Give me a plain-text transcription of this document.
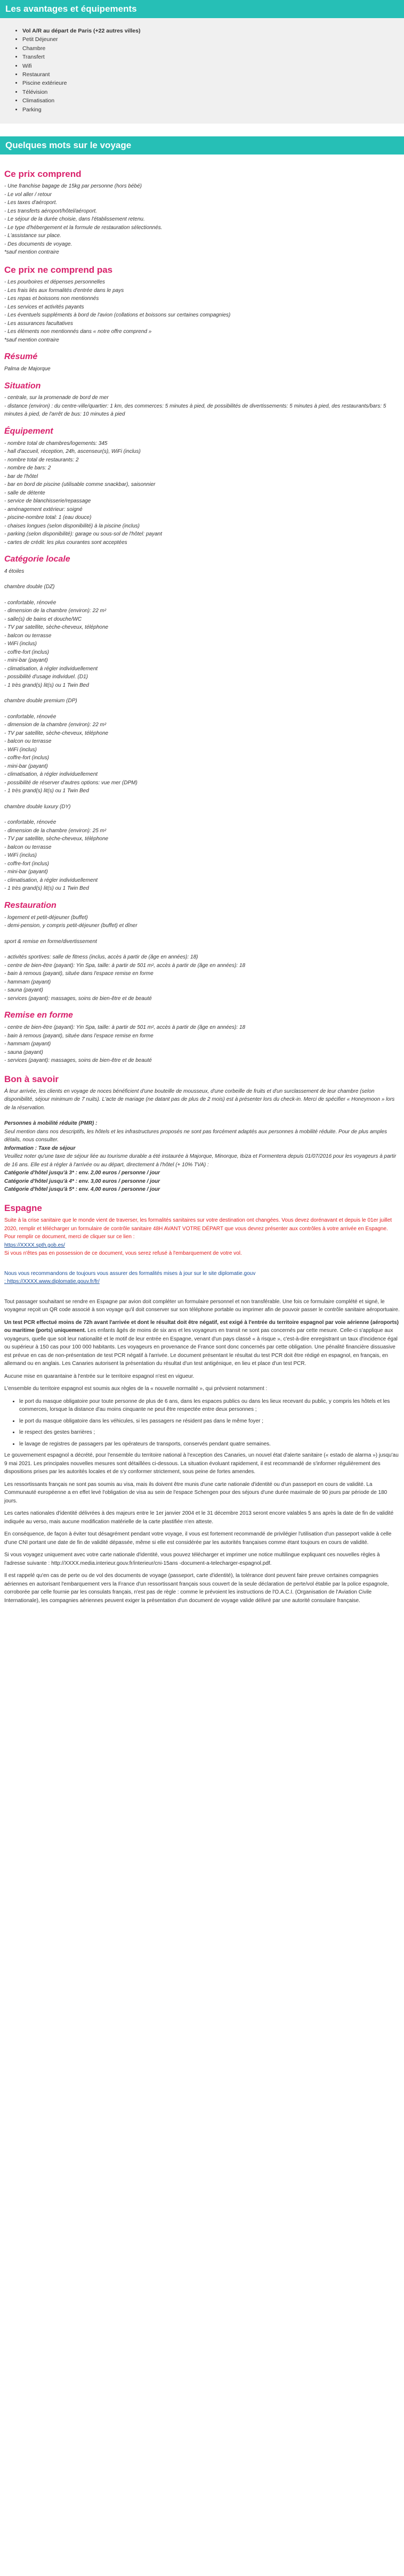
Les avantages et équipements
• Vol A/R au départ de Paris (+22 autres villes)
• Petit Déjeuner
• Chambre
• Transfert
• Wifi
• Restaurant
• Piscine extérieure
• Télévision
• Climatisation
• Parking
Quelques mots sur le voyage
Ce prix comprend

- Une franchise bagage de 15kg par personne (hors bébé)

- Le vol aller / retour

- Les taxes d'aéroport.

- Les transferts aéroport/hôtel/aéroport.

- Le séjour de la durée choisie, dans l'établissement retenu.

- Le type d'hébergement et la formule de restauration sélectionnés.

- L'assistance sur place.

- Des documents de voyage.

*sauf mention contraire

Ce prix ne comprend pas

- Les pourboires et dépenses personnelles

- Les frais liés aux formalités d'entrée dans le pays

- Les repas et boissons non mentionnés

- Les services et activités payants

- Les éventuels suppléments à bord de l'avion (collations et boissons sur certaines compagnies)

- Les assurances facultatives

- Les éléments non mentionnés dans « notre offre comprend »

*sauf mention contraire

Résumé

Palma de Majorque

Situation

- centrale, sur la promenade de bord de mer

- distance (environ) : du centre-ville/quartier: 1 km, des commerces: 5 minutes à pied, de possibilités de divertissements: 5 minutes à pied, des restaurants/bars: 5 minutes à pied, de l'arrêt de bus: 10 minutes à pied

Équipement

- nombre total de chambres/logements: 345

- hall d'accueil, réception, 24h, ascenseur(s), WiFi (inclus)

- nombre total de restaurants: 2

- nombre de bars: 2

- bar de l'hôtel

- bar en bord de piscine (utilisable comme snackbar), saisonnier

- salle de détente

- service de blanchisserie/repassage

- aménagement extérieur: soigné

- piscine-nombre total: 1 (eau douce)

- chaises longues (selon disponibilité) à la piscine (inclus)

- parking (selon disponibilité): garage ou sous-sol de l'hôtel: payant

- cartes de crédit: les plus courantes sont acceptées

Catégorie locale

4 étoiles

chambre double (DZ)

- confortable, rénovée

- dimension de la chambre (environ): 22 m²

- salle(s) de bains et douche/WC

- TV par satellite, sèche-cheveux, téléphone

- balcon ou terrasse

- WiFi (inclus)

- coffre-fort (inclus)

- mini-bar (payant)

- climatisation, à régler individuellement

- possibilité d'usage individuel. (D1)

- 1 très grand(s) lit(s) ou 1 Twin Bed

chambre double premium (DP)

- confortable, rénovée

- dimension de la chambre (environ): 22 m²

- TV par satellite, sèche-cheveux, téléphone

- balcon ou terrasse

- WiFi (inclus)

- coffre-fort (inclus)

- mini-bar (payant)

- climatisation, à régler individuellement

- possibilité de réserver d'autres options: vue mer (DPM)

- 1 très grand(s) lit(s) ou 1 Twin Bed

chambre double luxury (DY)

- confortable, rénovée

- dimension de la chambre (environ): 25 m²

- TV par satellite, sèche-cheveux, téléphone

- balcon ou terrasse

- WiFi (inclus)

- coffre-fort (inclus)

- mini-bar (payant)

- climatisation, à régler individuellement

- 1 très grand(s) lit(s) ou 1 Twin Bed

Restauration

- logement et petit-déjeuner (buffet)

- demi-pension, y compris petit-déjeuner (buffet) et dîner

sport & remise en forme/divertissement

- activités sportives: salle de fitness (inclus, accès à partir de (âge en années): 18)

- centre de bien-être (payant): Yin Spa, taille: à partir de 501 m², accès à partir de (âge en années): 18

- bain à remous (payant), située dans l'espace remise en forme

- hammam (payant)

- sauna (payant)

- services (payant): massages, soins de bien-être et de beauté

Remise en forme

- centre de bien-être (payant): Yin Spa, taille: à partir de 501 m², accès à partir de (âge en années): 18

- bain à remous (payant), située dans l'espace remise en forme

- hammam (payant)

- sauna (payant)

- services (payant): massages, soins de bien-être et de beauté

Bon à savoir

À leur arrivée, les clients en voyage de noces bénéficient d'une bouteille de mousseux, d'une corbeille de fruits et d'un surclassement de leur chambre (selon disponibilité, séjour minimum de 7 nuits). L'acte de mariage (ne datant pas de plus de 2 mois) est à présenter lors du check-in. Merci de spécifier « Honeymoon » lors de la réservation.

Personnes à mobilité réduite (PMR) :

Seul mention dans nos descriptifs, les hôtels et les infrastructures proposés ne sont pas forcément adaptés aux personnes à mobilité réduite. Pour de plus amples détails, nous consulter.

Information : Taxe de séjour

Veuillez noter qu'une taxe de séjour liée au tourisme durable a été instaurée à Majorque, Minorque, Ibiza et Formentera depuis 01/07/2016 pour les voyageurs à partir de 16 ans. Elle est à régler à l'arrivée ou au départ, directement à l'hôtel (+ 10% TVA) :

Catégorie d'hôtel jusqu'à 3* : env. 2,00 euros / personne / jour

Catégorie d'hôtel jusqu'à 4* : env. 3,00 euros / personne / jour

Catégorie d'hôtel jusqu'à 5* : env. 4,00 euros / personne / jour

Espagne

Suite à la crise sanitaire que le monde vient de traverser, les formalités sanitaires sur votre destination ont changées. Vous devez dorénavant et depuis le 01er juillet 2020, remplir et télécharger un formulaire de contrôle sanitaire 48H AVANT VOTRE DÉPART que vous devrez présenter aux contrôles à votre arrivée en Espagne.

Pour remplir ce document, merci de cliquer sur ce lien :

https://XXXX.spth.gob.es/

Si vous n'êtes pas en possession de ce document, vous serez refusé à l'embarquement de votre vol.

Nous vous recommandons de toujours vous assurer des formalités mises à jour sur le site diplomatie.gouv

: https://XXXX.www.diplomatie.gouv.fr/fr/

Tout passager souhaitant se rendre en Espagne par avion doit compléter un formulaire personnel et non transférable. Une fois ce formulaire complété et signé, le voyageur reçoit un QR code associé à son voyage qu'il doit conserver sur son téléphone portable ou imprimer afin de pouvoir passer le contrôle sanitaire aéroportuaire.

Un test PCR effectué moins de 72h avant l'arrivée et dont le résultat doit être négatif, est exigé à l'entrée du territoire espagnol par voie aérienne (aéroports) ou maritime (ports) uniquement. Les enfants âgés de moins de six ans et les voyageurs en transit ne sont pas concernés par cette mesure. Celle-ci s'applique aux voyageurs, quelle que soit leur nationalité et le motif de leur entrée en Espagne, venant d'un pays classé « à risque », c'est-à-dire enregistrant un taux d'incidence égal ou supérieur à 150 cas pour 100 000 habitants. Les voyageurs en provenance de France sont donc concernés par cette obligation. Une pénalité financière dissuasive est prévue en cas de non-présentation de test PCR négatif à l'arrivée. Le document présentant le résultat du test PCR doit être rédigé en espagnol, en français, en allemand ou en anglais. Les Canaries autorisent la présentation du résultat d'un test antigénique, en lieu et place d'un test PCR.

Aucune mise en quarantaine à l'entrée sur le territoire espagnol n'est en vigueur.

L'ensemble du territoire espagnol est soumis aux règles de la « nouvelle normalité », qui prévoient notamment :

• le port du masque obligatoire pour toute personne de plus de 6 ans, dans les espaces publics ou dans les lieux recevant du public, y compris les hôtels et les commerces, lorsque la distance d'au moins cinquante ne peut être respectée entre deux personnes ;
• le port du masque obligatoire dans les véhicules, si les passagers ne résident pas dans le même foyer ;
• le respect des gestes barrières ;
• le lavage de registres de passagers par les opérateurs de transports, conservés pendant quatre semaines.

Le gouvernement espagnol a décrété, pour l'ensemble du territoire national à l'exception des Canaries, un nouvel état d'alerte sanitaire (« estado de alarma ») jusqu'au 9 mai 2021. Les principales nouvelles mesures sont détaillées ci-dessous. La situation évoluant rapidement, il est recommandé de s'informer régulièrement des dispositions prises par les autorités locales et de s'y conformer strictement, sous peine de fortes amendes.

Les ressortissants français ne sont pas soumis au visa, mais ils doivent être munis d'une carte nationale d'identité ou d'un passeport en cours de validité. La Communauté européenne a en effet levé l'obligation de visa au sein de l'espace Schengen pour des séjours d'une durée maximale de 90 jours par période de 180 jours.

Les cartes nationales d'identité délivrées à des majeurs entre le 1er janvier 2004 et le 31 décembre 2013 seront encore valables 5 ans après la date de fin de validité indiquée au verso, mais aucune modification matérielle de la carte plastifiée n'en atteste.

En conséquence, de façon à éviter tout désagrément pendant votre voyage, il vous est fortement recommandé de privilégier l'utilisation d'un passeport valide à celle d'une CNI portant une date de fin de validité dépassée, même si elle est considérée par les autorités françaises comme étant toujours en cours de validité.

Si vous voyagez uniquement avec votre carte nationale d'identité, vous pouvez télécharger et imprimer une notice multilingue expliquant ces nouvelles règles à l'adresse suivante : http://XXXX.media.interieur.gouv.fr/interieur/cni-15ans -document-a-telecharger-espagnol.pdf.

Il est rappelé qu'en cas de perte ou de vol des documents de voyage (passeport, carte d'identité), la tolérance dont peuvent faire preuve certaines compagnies aériennes en autorisant l'embarquement vers la France d'un ressortissant français sous couvert de la seule déclaration de perte/vol établie par la police espagnole, corroborée par celle fournie par les consulats français, n'est pas de règle : comme le prévoient les instructions de l'O.A.C.I. (Organisation de l'Aviation Civile Internationale), les compagnies aériennes peuvent exiger la présentation d'un document de voyage valide délivré par une autorité consulaire française.
